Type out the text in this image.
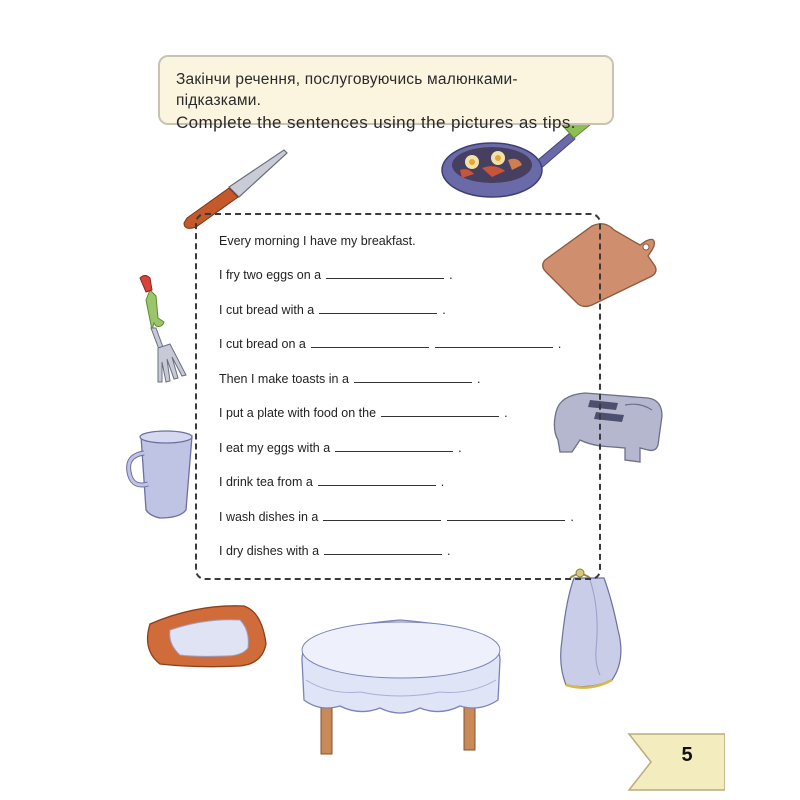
Закінчи речення, послуговуючись малюнками-підказками.
Complete the sentences using the pictures as tips.
Every morning I have my breakfast.
I fry two eggs on a	.
I cut bread with a	.
I cut bread on a	.
Then I make toasts in a	.
I put a plate with food on the	.
I eat my eggs with a	.
I drink tea from a	.
I wash dishes in a	.
I dry dishes with a	.
5
